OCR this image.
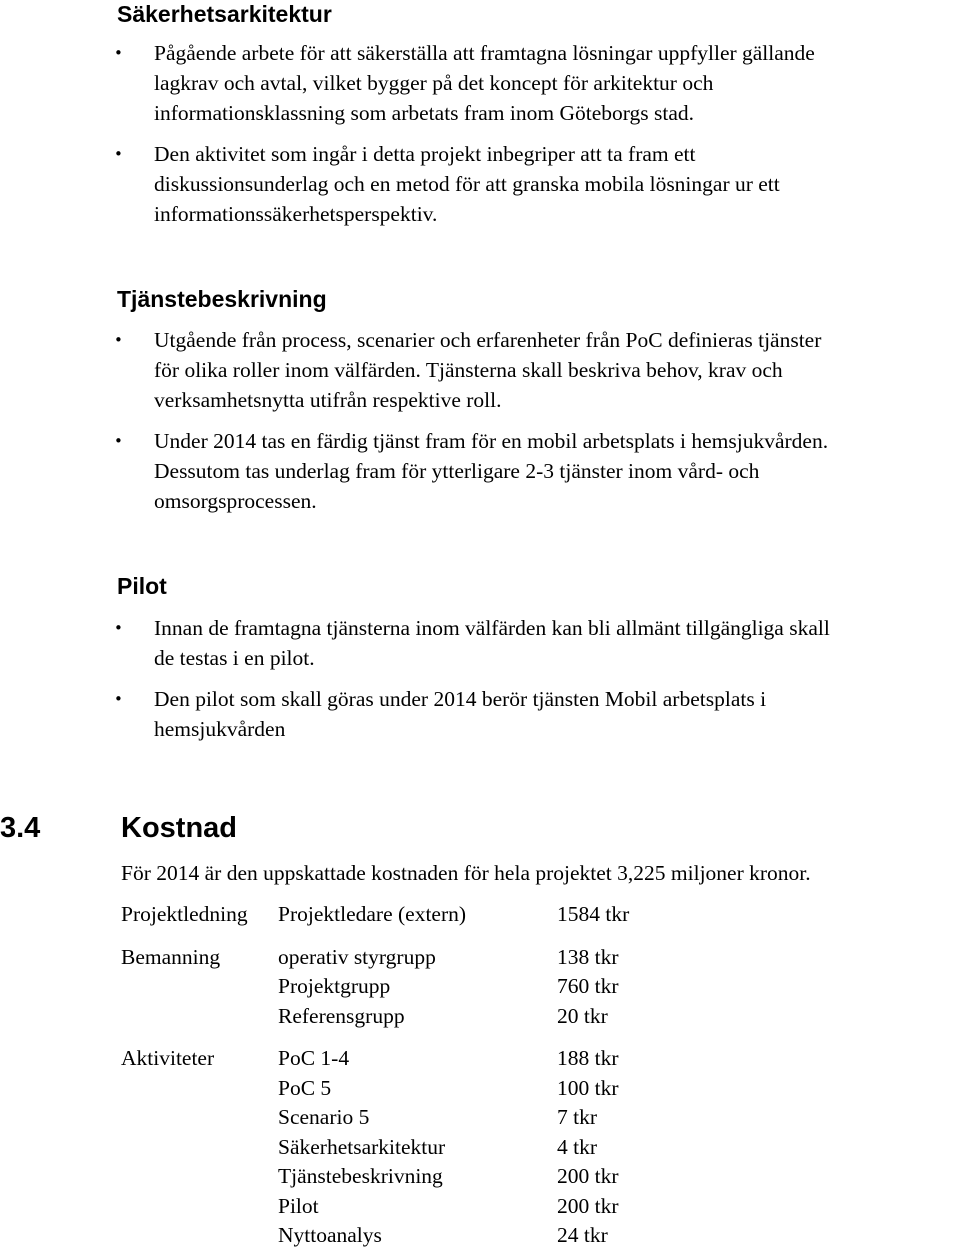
Säkerhetsarkitektur
• Pågående arbete för att säkerställa att framtagna lösningar uppfyller gällande
lagkrav och avtal, vilket bygger på det koncept för arkitektur och
informationsklassning som arbetats fram inom Göteborgs stad.
• Den aktivitet som ingår i detta projekt inbegriper att ta fram ett
diskussionsunderlag och en metod för att granska mobila lösningar ur ett
informationssäkerhetsperspektiv.
Tjänstebeskrivning
• Utgående från process, scenarier och erfarenheter från PoC definieras tjänster
för olika roller inom välfärden. Tjänsterna skall beskriva behov, krav och
verksamhetsnytta utifrån respektive roll.
• Under 2014 tas en färdig tjänst fram för en mobil arbetsplats i hemsjukvården.
Dessutom tas underlag fram för ytterligare 2-3 tjänster inom vård- och
omsorgsprocessen.
Pilot
• Innan de framtagna tjänsterna inom välfärden kan bli allmänt tillgängliga skall
de testas i en pilot.
• Den pilot som skall göras under 2014 berör tjänsten Mobil arbetsplats i
hemsjukvården
3.4	Kostnad

För 2014 är den uppskattade kostnaden för hela projektet 3,225 miljoner kronor.

Projektledning	Projektledare (extern)	1584 tkr
Bemanning	operativ styrgrupp	138 tkr
	Projektgrupp	760 tkr
	Referensgrupp	20 tkr
Aktiviteter	PoC 1-4	188 tkr
	PoC 5	100 tkr
	Scenario 5	7 tkr
	Säkerhetsarkitektur	4 tkr
	Tjänstebeskrivning	200 tkr
	Pilot	200 tkr
	Nyttoanalys	24 tkr
